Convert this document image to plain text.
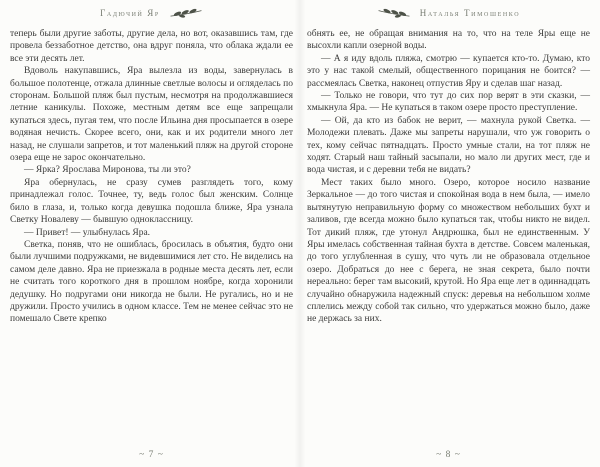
Гадючий Яр

теперь были другие заботы, другие дела, но вот, оказавшись там, где провела беззаботное детство, она вдруг поняла, что облака ждали ее все эти десять лет.

Вдоволь накупавшись, Яра вылезла из воды, завернулась в большое полотенце, отжала длинные светлые волосы и огляделась по сторонам. Большой пляж был пустым, несмотря на продолжавшиеся летние каникулы. Похоже, местным детям все еще запрещали купаться здесь, пугая тем, что после Ильина дня просыпается в озере водяная нечисть. Скорее всего, они, как и их родители много лет назад, не слушали запретов, и тот маленький пляж на другой стороне озера еще не зарос окончательно.

— Ярка? Ярослава Миронова, ты ли это?

Яра обернулась, не сразу сумев разглядеть того, кому принадлежал голос. Точнее, ту, ведь голос был женским. Солнце било в глаза, и, только когда девушка подошла ближе, Яра узнала Светку Новалеву — бывшую одноклассницу.

— Привет! — улыбнулась Яра.

Светка, поняв, что не ошиблась, бросилась в объятия, будто они были лучшими подружками, не видевшимися лет сто. Не виделись на самом деле давно. Яра не приезжала в родные места десять лет, если не считать того короткого дня в прошлом ноябре, когда хоронили дедушку. Но подругами они никогда не были. Не ругались, но и не дружили. Просто учились в одном классе. Тем не менее сейчас это не помешало Свете крепко

~ 7 ~
Наталья Тимошенко

обнять ее, не обращая внимания на то, что на теле Яры еще не высохли капли озерной воды.

— А я иду вдоль пляжа, смотрю — купается кто-то. Думаю, кто это у нас такой смелый, общественного порицания не боится? — рассмеялась Светка, наконец отпустив Яру и сделав шаг назад.

— Только не говори, что тут до сих пор верят в эти сказки, — хмыкнула Яра. — Не купаться в таком озере просто преступление.

— Ой, да кто из бабок не верит, — махнула рукой Светка. — Молодежи плевать. Даже мы запреты нарушали, что уж говорить о тех, кому сейчас пятнадцать. Просто умные стали, на тот пляж не ходят. Старый наш тайный засыпали, но мало ли других мест, где и вода чистая, и с деревни тебя не видать?

Мест таких было много. Озеро, которое носило название Зеркальное — до того чистая и спокойная вода в нем была, — имело вытянутую неправильную форму со множеством небольших бухт и заливов, где всегда можно было купаться так, чтобы никто не видел. Тот дикий пляж, где утонул Андрюшка, был не единственным. У Яры имелась собственная тайная бухта в детстве. Совсем маленькая, до того углубленная в сушу, что чуть ли не образовала отдельное озеро. Добраться до нее с берега, не зная секрета, было почти нереально: берег там высокий, крутой. Но Яра еще лет в одиннадцать случайно обнаружила надежный спуск: деревья на небольшом холме сплелись между собой так сильно, что удержаться можно было, даже не держась за них.

~ 8 ~
